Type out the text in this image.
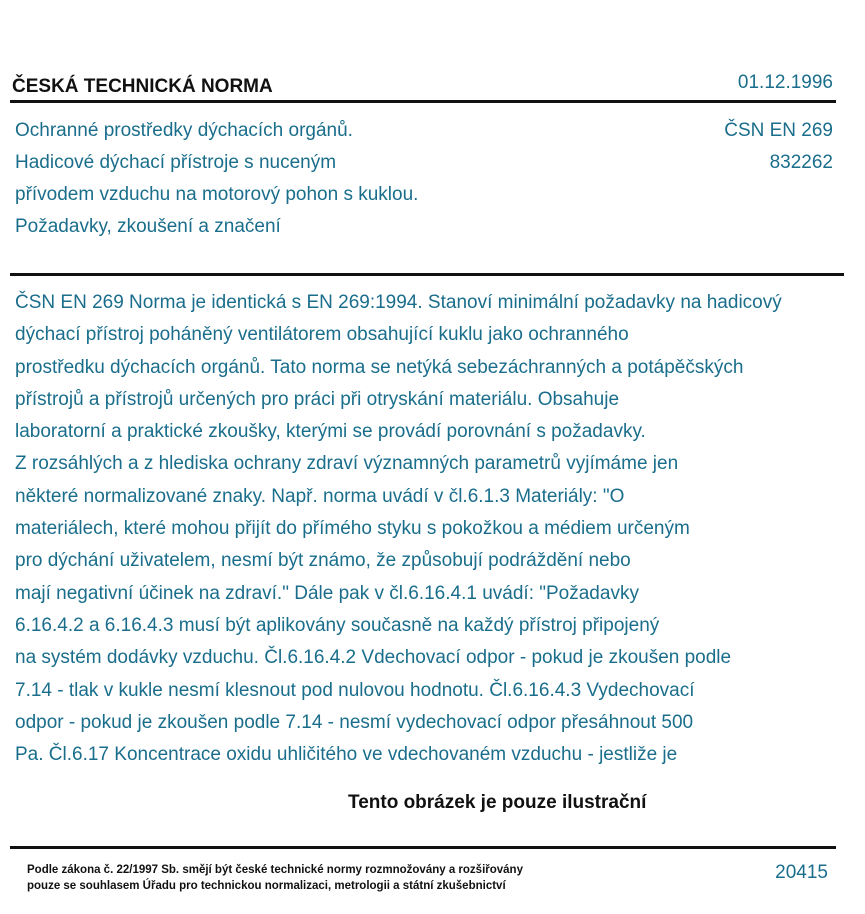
ČESKÁ TECHNICKÁ NORMA	01.12.1996
Ochranné prostředky dýchacích orgánů.
Hadicové dýchací přístroje s nuceným
přívodem vzduchu na motorový pohon s kuklou.
Požadavky, zkoušení a značení
ČSN EN 269
832262
ČSN EN 269 Norma je identická s EN 269:1994. Stanoví minimální požadavky na hadicový
dýchací přístroj poháněný ventilátorem obsahující kuklu jako ochranného
prostředku dýchacích orgánů. Tato norma se netýká sebezáchranných a potápěčských
přístrojů a přístrojů určených pro práci při otryskání materiálu. Obsahuje
laboratorní a praktické zkoušky, kterými se provádí porovnání s požadavky.
Z rozsáhlých a z hlediska ochrany zdraví významných parametrů vyjímáme jen
některé normalizované znaky. Např. norma uvádí v čl.6.1.3 Materiály: "O
materiálech, které mohou přijít do přímého styku s pokožkou a médiem určeným
pro dýchání uživatelem, nesmí být známo, že způsobují podráždění nebo
mají negativní účinek na zdraví." Dále pak v čl.6.16.4.1 uvádí: "Požadavky
6.16.4.2 a 6.16.4.3 musí být aplikovány současně na každý přístroj připojený
na systém dodávky vzduchu. Čl.6.16.4.2 Vdechovací odpor - pokud je zkoušen podle
7.14 - tlak v kukle nesmí klesnout pod nulovou hodnotu. Čl.6.16.4.3 Vydechovací
odpor - pokud je zkoušen podle 7.14 - nesmí vydechovací odpor přesáhnout 500
Pa. Čl.6.17 Koncentrace oxidu uhličitého ve vdechovaném vzduchu - jestliže je
Tento obrázek je pouze ilustrační
Podle zákona č. 22/1997 Sb. smějí být české technické normy rozmnožovány a rozšiřovány
pouze se souhlasem Úřadu pro technickou normalizaci, metrologii a státní zkušebnictví
20415
